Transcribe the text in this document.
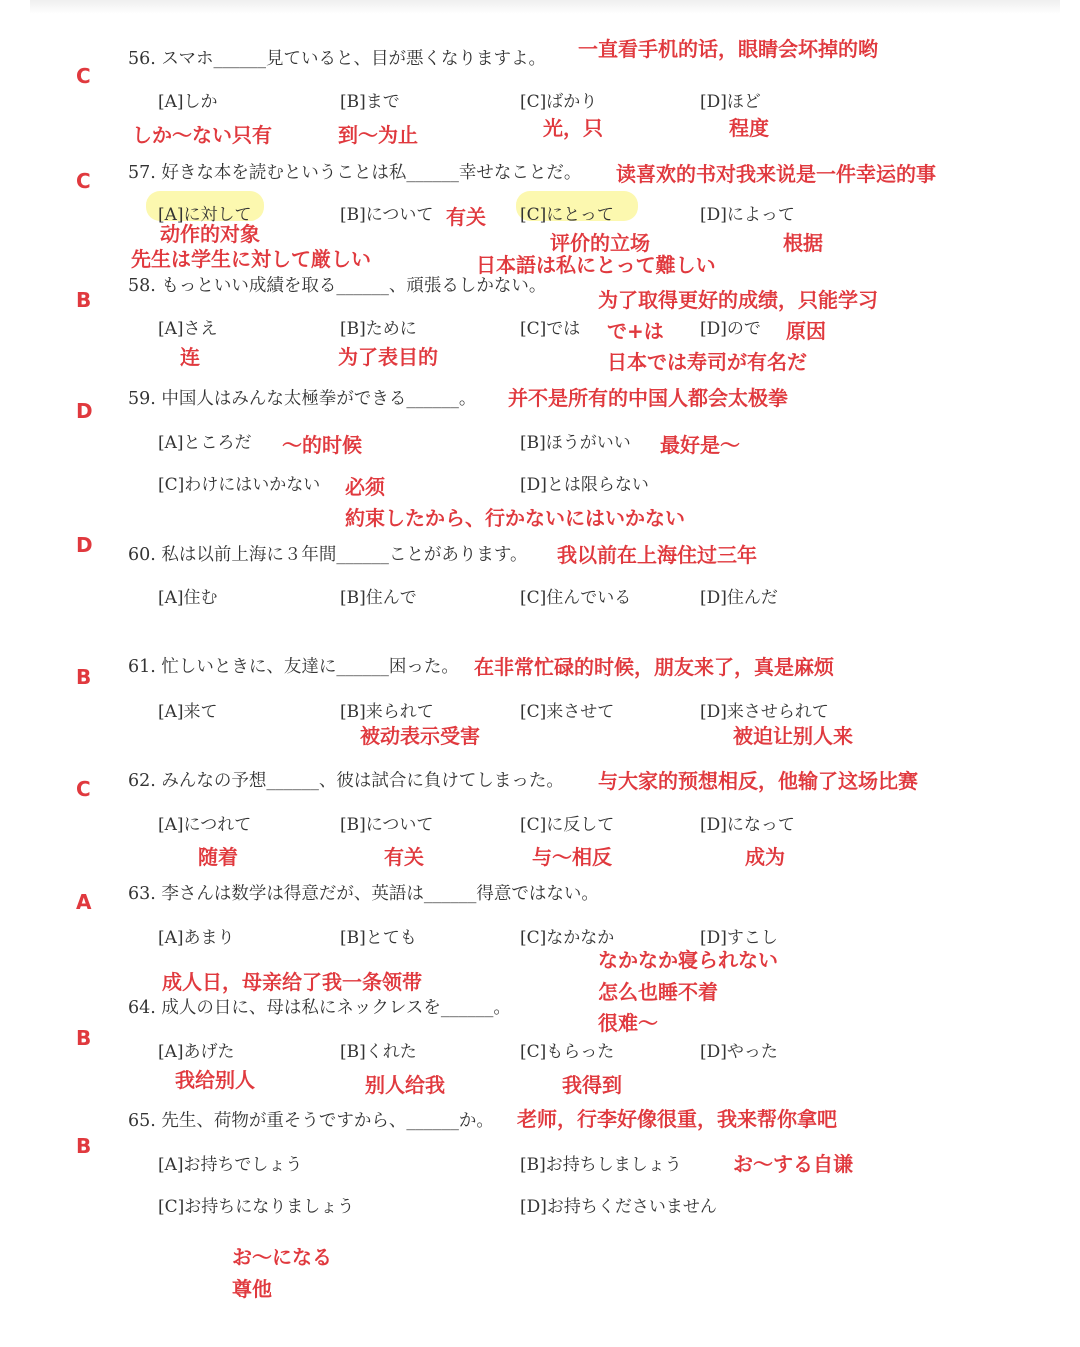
C
56. スマホ______見ていると、目が悪くなりますよ。 一直看手机的话，眼睛会坏掉的哟
[A]しか	[B]まで	[C]ばかり	[D]ほど
しか～ない只有	到～为止	光，只	程度
C 57. 好きな本を読むということは私______幸せなことだ。 读喜欢的书对我来说是一件幸运的事
[A]に対して	[B]について	[C]にとって	[D]によって
动作的对象
先生は学生に対して厳しい
有关
评价的立场
日本語は私にとって難しい
根据
B
58. もっといい成績を取る______、頑張るしかない。
为了取得更好的成绩，只能学习
[A]さえ	[B]ために	[C]では	[D]ので
连	为了表目的
で+は
日本では寿司が有名だ
原因
D 59. 中国人はみんな太極拳ができる______。 并不是所有的中国人都会太极拳
[A]ところだ	[B]ほうがいい
[C]わけにはいかない	[D]とは限らない
～的时候	最好是～
必须
約束したから、行かないにはいかない
D 60. 私は以前上海に３年間______ことがあります。 我以前在上海住过三年
[A]住む	[B]住んで	[C]住んでいる	[D]住んだ
B 61. 忙しいときに、友達に______困った。 在非常忙碌的时候，朋友来了，真是麻烦
[A]来て	[B]来られて	[C]来させて	[D]来させられて
被动表示受害	被迫让别人来
C 62. みんなの予想______、彼は試合に負けてしまった。 与大家的预想相反，他输了这场比赛
[A]につれて	[B]について	[C]に反して	[D]になって
随着	有关	与～相反	成为
A 63. 李さんは数学は得意だが、英語は______得意ではない。
[A]あまり	[B]とても	[C]なかなか	[D]すこし
なかなか寝られない
怎么也睡不着
很难～
成人日，母亲给了我一条领带
B
64. 成人の日に、母は私にネックレスを______。
[A]あげた	[B]くれた	[C]もらった	[D]やった
我给别人	别人给我	我得到
B
65. 先生、荷物が重そうですから、______か。 老师，行李好像很重，我来帮你拿吧
[A]お持ちでしょう	[B]お持ちしましょう
[C]お持ちになりましょう	[D]お持ちくださいません
お～する自谦
お～になる
尊他
